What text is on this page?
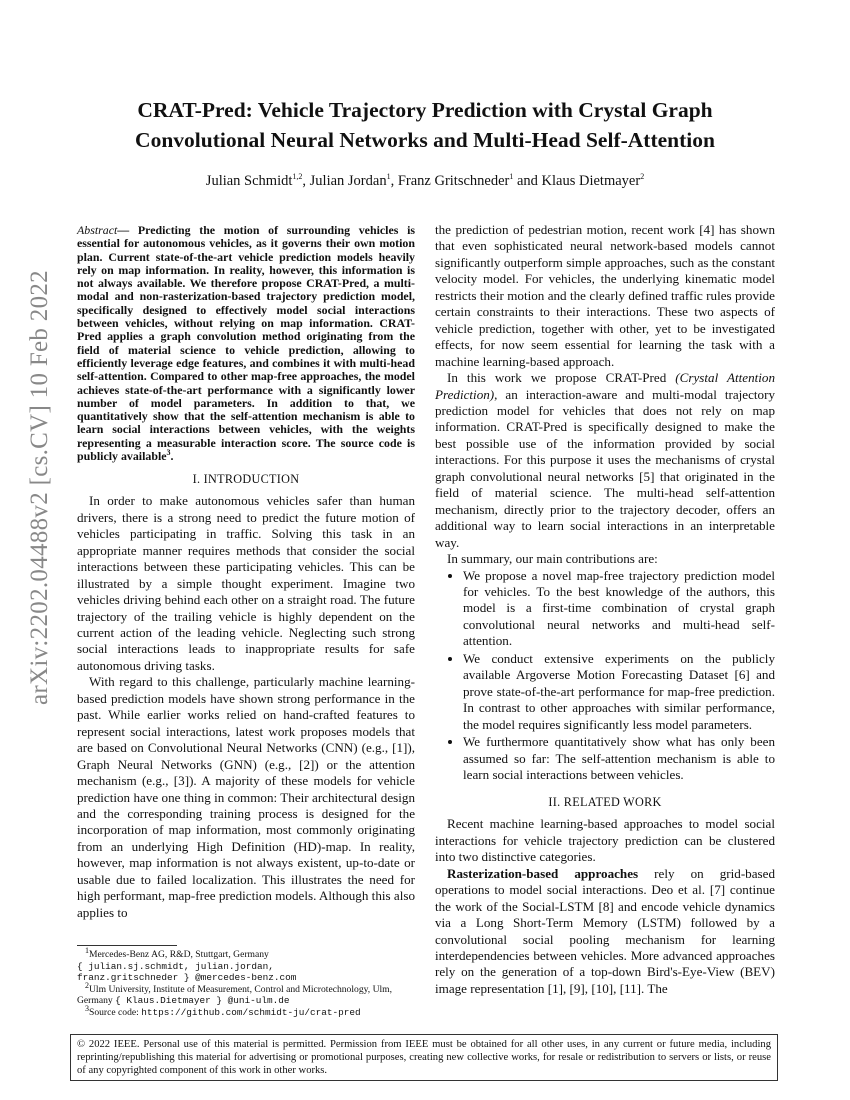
arXiv:2202.04488v2 [cs.CV] 10 Feb 2022
CRAT-Pred: Vehicle Trajectory Prediction with Crystal Graph
Convolutional Neural Networks and Multi-Head Self-Attention
Julian Schmidt$^{1,2}$, Julian Jordan$^1$, Franz Gritschneder$^1$ and Klaus Dietmayer$^2$
Abstract— Predicting the motion of surrounding vehicles is essential for autonomous vehicles, as it governs their own motion plan. Current state-of-the-art vehicle prediction models heavily rely on map information. In reality, however, this information is not always available. We therefore propose CRAT-Pred, a multi-modal and non-rasterization-based trajectory prediction model, specifically designed to effectively model social interactions between vehicles, without relying on map information. CRAT-Pred applies a graph convolution method originating from the field of material science to vehicle prediction, allowing to efficiently leverage edge features, and combines it with multi-head self-attention. Compared to other map-free approaches, the model achieves state-of-the-art performance with a significantly lower number of model parameters. In addition to that, we quantitatively show that the self-attention mechanism is able to learn social interactions between vehicles, with the weights representing a measurable interaction score. The source code is publicly available$^3$.
I. INTRODUCTION

In order to make autonomous vehicles safer than human drivers, there is a strong need to predict the future motion of vehicles participating in traffic. Solving this task in an appropriate manner requires methods that consider the social interactions between these participating vehicles. This can be illustrated by a simple thought experiment. Imagine two vehicles driving behind each other on a straight road. The future trajectory of the trailing vehicle is highly dependent on the current action of the leading vehicle. Neglecting such strong social interactions leads to inappropriate results for safe autonomous driving tasks.

With regard to this challenge, particularly machine learning-based prediction models have shown strong performance in the past. While earlier works relied on hand-crafted features to represent social interactions, latest work proposes models that are based on Convolutional Neural Networks (CNN) (e.g., [1]), Graph Neural Networks (GNN) (e.g., [2]) or the attention mechanism (e.g., [3]). A majority of these models for vehicle prediction have one thing in common: Their architectural design and the corresponding training process is designed for the incorporation of map information, most commonly originating from an underlying High Definition (HD)-map. In reality, however, map information is not always existent, up-to-date or usable due to failed localization. This illustrates the need for high performant, map-free prediction models. Although this also applies to

$^1$Mercedes-Benz AG, R&D, Stuttgart, Germany
{ julian.sj.schmidt, julian.jordan,
franz.gritschneder } @mercedes-benz.com
$^2$Ulm University, Institute of Measurement, Control and Microtechnology, Ulm, Germany { Klaus.Dietmayer } @uni-ulm.de
$^3$Source code: https://github.com/schmidt-ju/crat-pred

the prediction of pedestrian motion, recent work [4] has shown that even sophisticated neural network-based models cannot significantly outperform simple approaches, such as the constant velocity model. For vehicles, the underlying kinematic model restricts their motion and the clearly defined traffic rules provide certain constraints to their interactions. These two aspects of vehicle prediction, together with other, yet to be investigated effects, for now seem essential for learning the task with a machine learning-based approach.

In this work we propose CRAT-Pred (Crystal Attention Prediction), an interaction-aware and multi-modal trajectory prediction model for vehicles that does not rely on map information. CRAT-Pred is specifically designed to make the best possible use of the information provided by social interactions. For this purpose it uses the mechanisms of crystal graph convolutional neural networks [5] that originated in the field of material science. The multi-head self-attention mechanism, directly prior to the trajectory decoder, offers an additional way to learn social interactions in an interpretable way.

In summary, our main contributions are:

• We propose a novel map-free trajectory prediction model for vehicles. To the best knowledge of the authors, this model is a first-time combination of crystal graph convolutional neural networks and multi-head self-attention.
• We conduct extensive experiments on the publicly available Argoverse Motion Forecasting Dataset [6] and prove state-of-the-art performance for map-free prediction. In contrast to other approaches with similar performance, the model requires significantly less model parameters.
• We furthermore quantitatively show what has only been assumed so far: The self-attention mechanism is able to learn social interactions between vehicles.
II. RELATED WORK

Recent machine learning-based approaches to model social interactions for vehicle trajectory prediction can be clustered into two distinctive categories.

Rasterization-based approaches rely on grid-based operations to model social interactions. Deo et al. [7] continue the work of the Social-LSTM [8] and encode vehicle dynamics via a Long Short-Term Memory (LSTM) followed by a convolutional social pooling mechanism for learning interdependencies between vehicles. More advanced approaches rely on the generation of a top-down Bird's-Eye-View (BEV) image representation [1], [9], [10], [11]. The

© 2022 IEEE. Personal use of this material is permitted. Permission from IEEE must be obtained for all other uses, in any current or future media, including reprinting/republishing this material for advertising or promotional purposes, creating new collective works, for resale or redistribution to servers or lists, or reuse of any copyrighted component of this work in other works.
